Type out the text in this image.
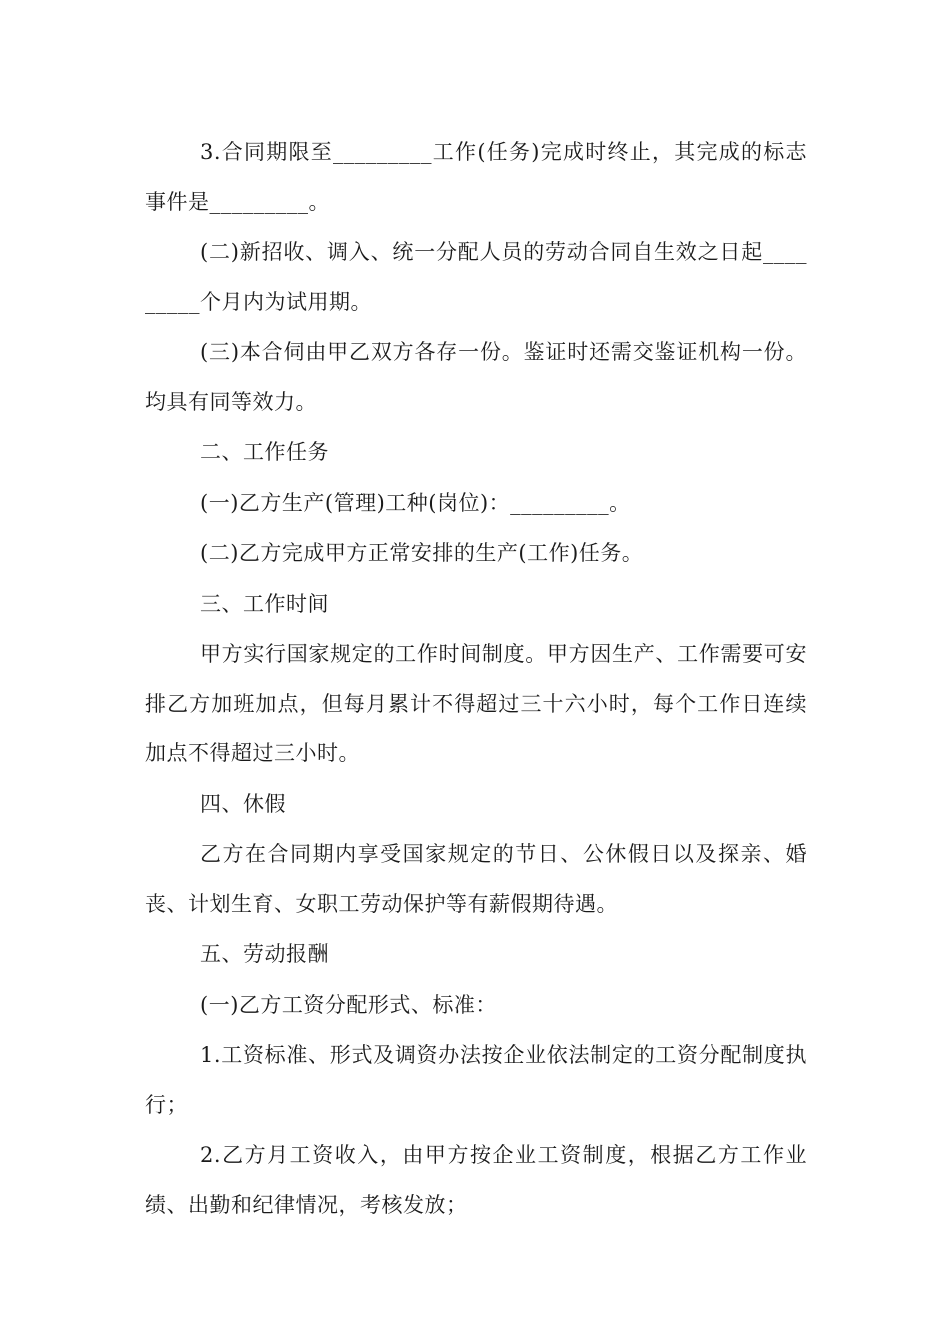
3.合同期限至_________工作(任务)完成时终止，其完成的标志事件是_________。

(二)新招收、调入、统一分配人员的劳动合同自生效之日起_________个月内为试用期。

(三)本合伺由甲乙双方各存一份。鉴证时还需交鉴证机构一份。均具有同等效力。

二、工作任务

(一)乙方生产(管理)工种(岗位)：_________。

(二)乙方完成甲方正常安排的生产(工作)任务。

三、工作时间

甲方实行国家规定的工作时间制度。甲方因生产、工作需要可安排乙方加班加点，但每月累计不得超过三十六小时，每个工作日连续加点不得超过三小时。

四、休假

乙方在合同期内享受国家规定的节日、公休假日以及探亲、婚丧、计划生育、女职工劳动保护等有薪假期待遇。

五、劳动报酬

(一)乙方工资分配形式、标准：

1.工资标准、形式及调资办法按企业依法制定的工资分配制度执行；

2.乙方月工资收入，由甲方按企业工资制度，根据乙方工作业绩、出勤和纪律情况，考核发放；
